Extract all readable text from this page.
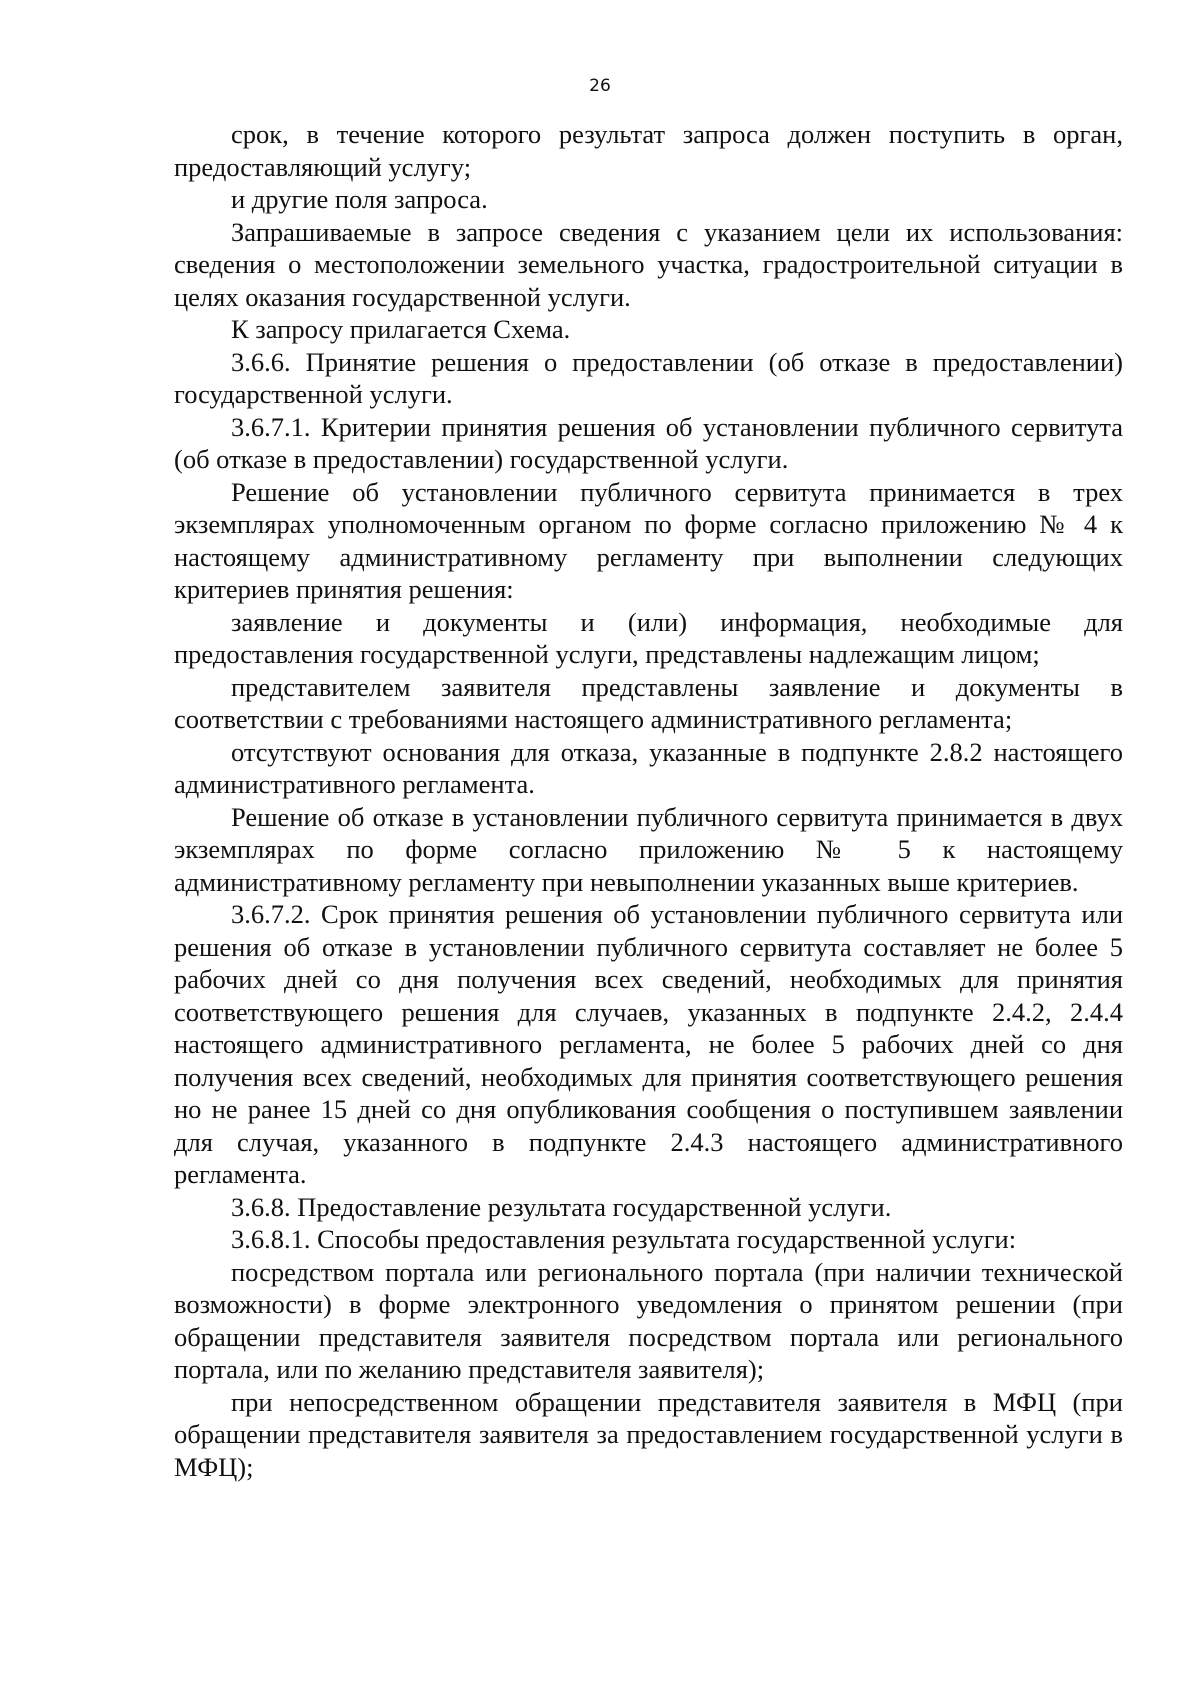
26

срок, в течение которого результат запроса должен поступить в орган, предоставляющий услугу;

и другие поля запроса.

Запрашиваемые в запросе сведения с указанием цели их использования: сведения о местоположении земельного участка, градостроительной ситуации в целях оказания государственной услуги.

К запросу прилагается Схема.

3.6.6. Принятие решения о предоставлении (об отказе в предоставлении) государственной услуги.

3.6.7.1. Критерии принятия решения об установлении публичного сервитута (об отказе в предоставлении) государственной услуги.

Решение об установлении публичного сервитута принимается в трех экземплярах уполномоченным органом по форме согласно приложению № 4 к настоящему административному регламенту при выполнении следующих критериев принятия решения:

заявление и документы и (или) информация, необходимые для предоставления государственной услуги, представлены надлежащим лицом;

представителем заявителя представлены заявление и документы в соответствии с требованиями настоящего административного регламента;

отсутствуют основания для отказа, указанные в подпункте 2.8.2 настоящего административного регламента.

Решение об отказе в установлении публичного сервитута принимается в двух экземплярах по форме согласно приложению № 5 к настоящему административному регламенту при невыполнении указанных выше критериев.

3.6.7.2. Срок принятия решения об установлении публичного сервитута или решения об отказе в установлении публичного сервитута составляет не более 5 рабочих дней со дня получения всех сведений, необходимых для принятия соответствующего решения для случаев, указанных в подпункте 2.4.2, 2.4.4 настоящего административного регламента, не более 5 рабочих дней со дня получения всех сведений, необходимых для принятия соответствующего решения но не ранее 15 дней со дня опубликования сообщения о поступившем заявлении для случая, указанного в подпункте 2.4.3 настоящего административного регламента.

3.6.8. Предоставление результата государственной услуги.

3.6.8.1. Способы предоставления результата государственной услуги:

посредством портала или регионального портала (при наличии технической возможности) в форме электронного уведомления о принятом решении (при обращении представителя заявителя посредством портала или регионального портала, или по желанию представителя заявителя);

при непосредственном обращении представителя заявителя в МФЦ (при обращении представителя заявителя за предоставлением государственной услуги в МФЦ);
